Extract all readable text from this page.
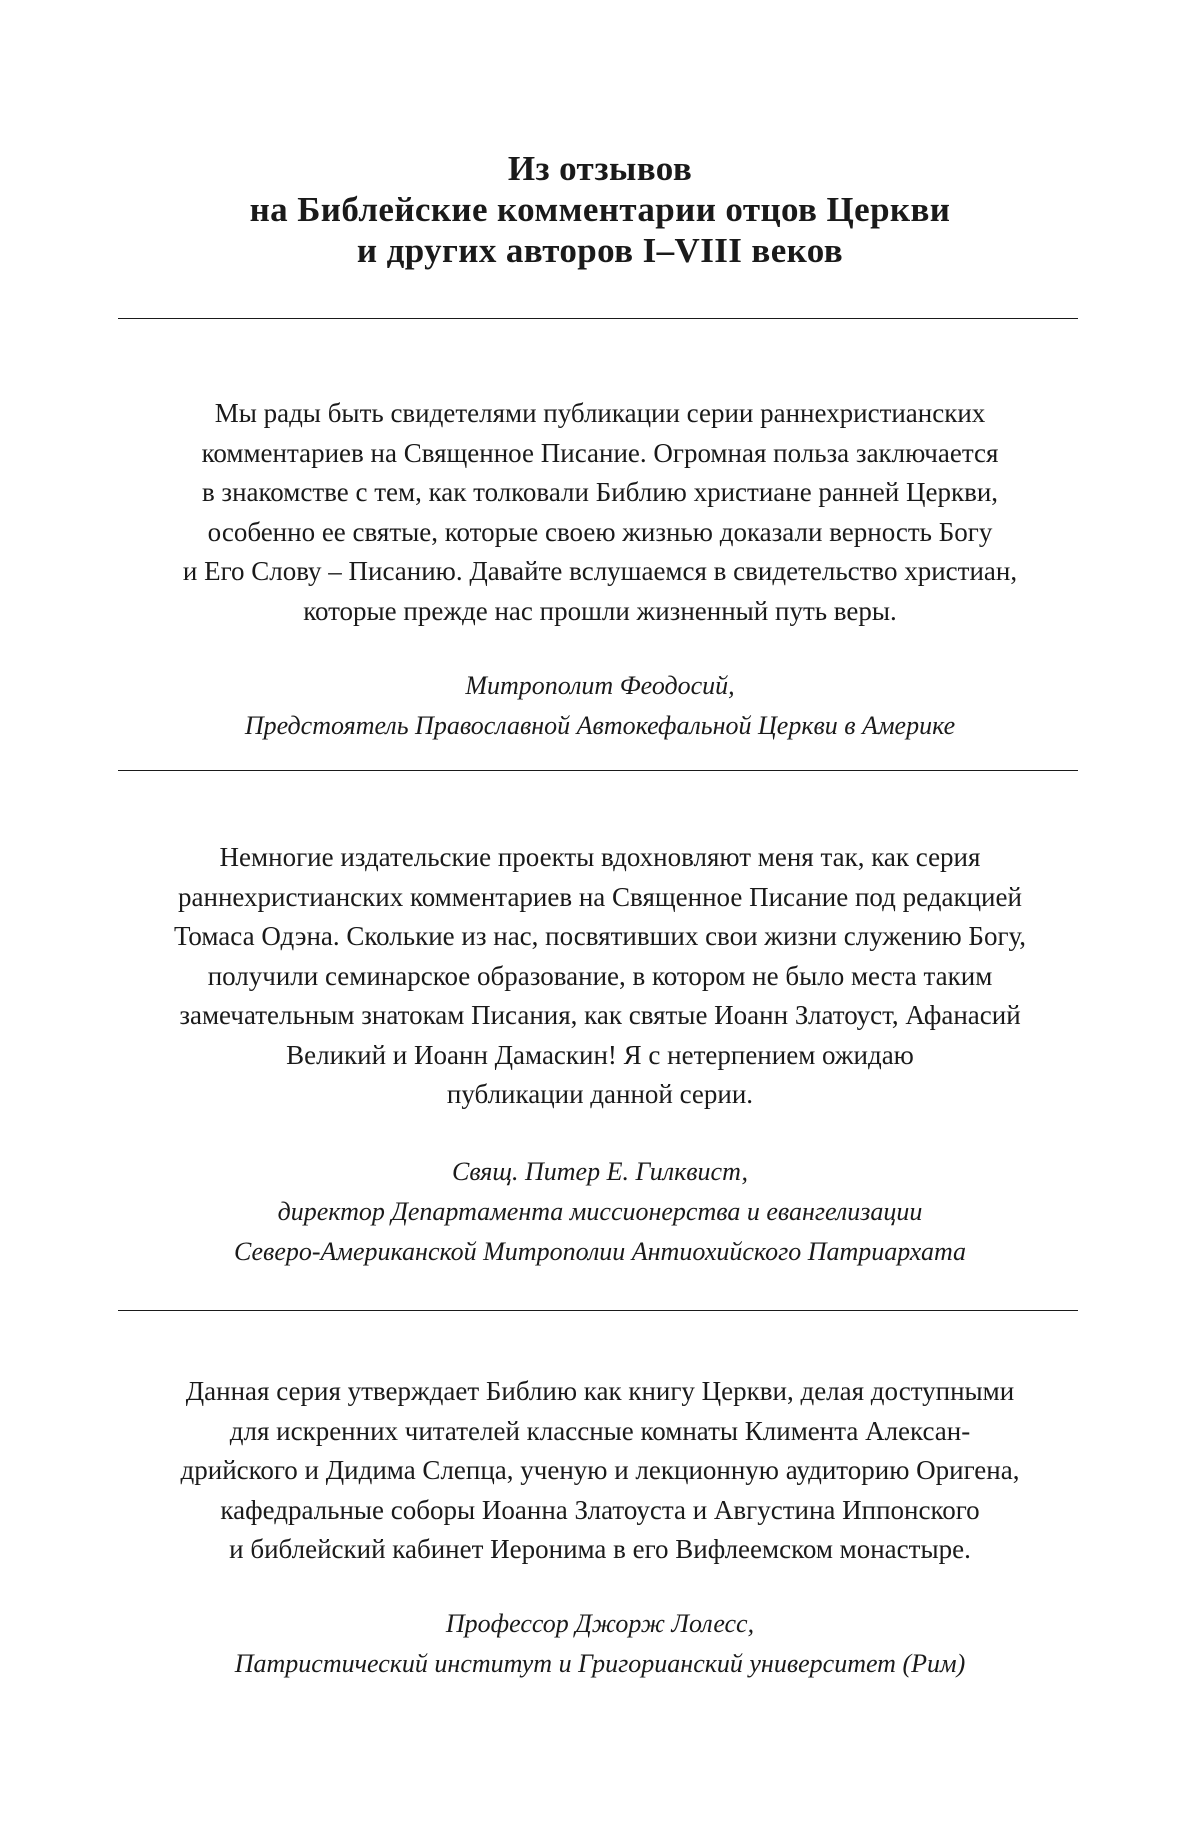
Из отзывов
на Библейские комментарии отцов Церкви
и других авторов I–VIII веков
Мы рады быть свидетелями публикации серии раннехристианских
комментариев на Священное Писание. Огромная польза заключается
в знакомстве с тем, как толковали Библию христиане ранней Церкви,
особенно ее святые, которые своею жизнью доказали верность Богу
и Его Слову – Писанию. Давайте вслушаемся в свидетельство христиан,
которые прежде нас прошли жизненный путь веры.
Митрополит Феодосий,
Предстоятель Православной Автокефальной Церкви в Америке
Немногие издательские проекты вдохновляют меня так, как серия
раннехристианских комментариев на Священное Писание под редакцией
Томаса Одэна. Сколькие из нас, посвятивших свои жизни служению Богу,
получили семинарское образование, в котором не было места таким
замечательным знатокам Писания, как святые Иоанн Златоуст, Афанасий
Великий и Иоанн Дамаскин! Я с нетерпением ожидаю
публикации данной серии.
Свящ. Питер Е. Гилквист,
директор Департамента миссионерства и евангелизации
Северо-Американской Митрополии Антиохийского Патриархата
Данная серия утверждает Библию как книгу Церкви, делая доступными
для искренних читателей классные комнаты Климента Алексан-
дрийского и Дидима Слепца, ученую и лекционную аудиторию Оригена,
кафедральные соборы Иоанна Златоуста и Августина Иппонского
и библейский кабинет Иеронима в его Вифлеемском монастыре.
Профессор Джорж Лолесс,
Патристический институт и Григорианский университет (Рим)
